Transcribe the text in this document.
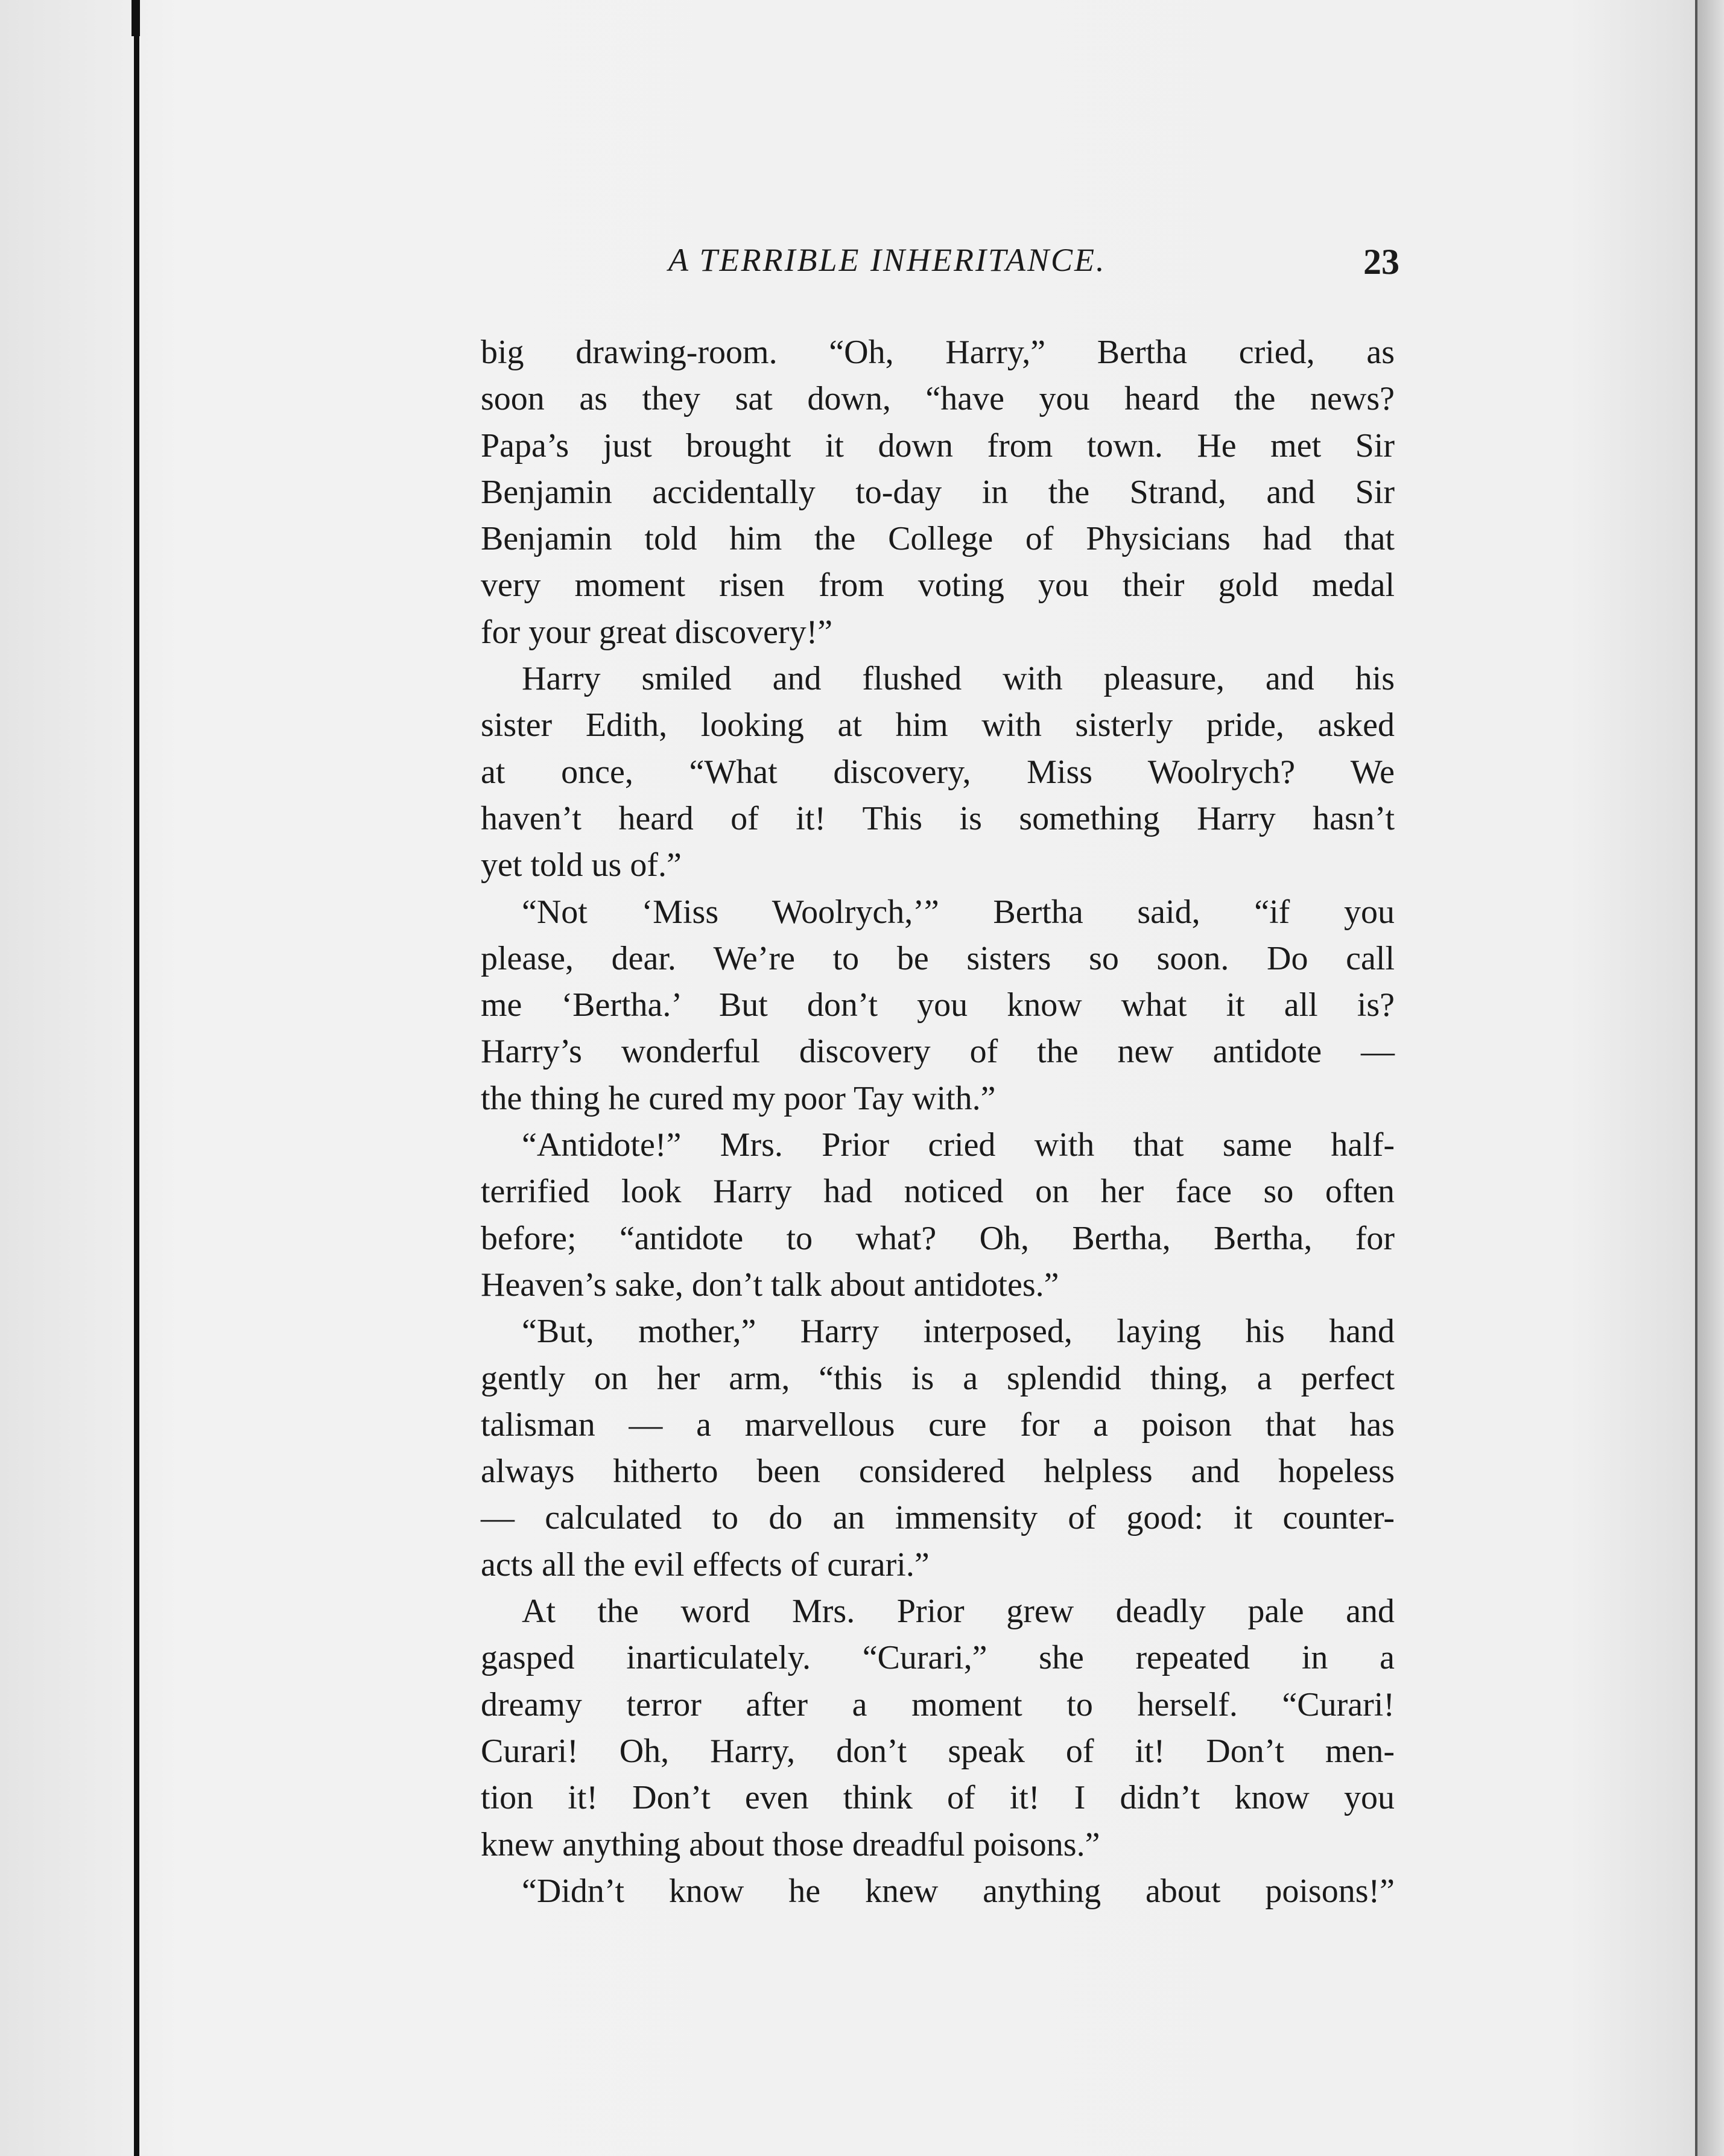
A TERRIBLE INHERITANCE.	23
big drawing-room. “Oh, Harry,” Bertha cried, as
soon as they sat down, “have you heard the news?
Papa’s just brought it down from town. He met Sir
Benjamin accidentally to-day in the Strand, and Sir
Benjamin told him the College of Physicians had that
very moment risen from voting you their gold medal
for your great discovery!”
Harry smiled and flushed with pleasure, and his
sister Edith, looking at him with sisterly pride, asked
at once, “What discovery, Miss Woolrych? We
haven’t heard of it! This is something Harry hasn’t
yet told us of.”
“Not ‘Miss Woolrych,’” Bertha said, “if you
please, dear. We’re to be sisters so soon. Do call
me ‘Bertha.’ But don’t you know what it all is?
Harry’s wonderful discovery of the new antidote —
the thing he cured my poor Tay with.”
“Antidote!” Mrs. Prior cried with that same half-
terrified look Harry had noticed on her face so often
before; “antidote to what? Oh, Bertha, Bertha, for
Heaven’s sake, don’t talk about antidotes.”
“But, mother,” Harry interposed, laying his hand
gently on her arm, “this is a splendid thing, a perfect
talisman — a marvellous cure for a poison that has
always hitherto been considered helpless and hopeless
— calculated to do an immensity of good: it counter-
acts all the evil effects of curari.”
At the word Mrs. Prior grew deadly pale and
gasped inarticulately. “Curari,” she repeated in a
dreamy terror after a moment to herself. “Curari!
Curari! Oh, Harry, don’t speak of it! Don’t men-
tion it! Don’t even think of it! I didn’t know you
knew anything about those dreadful poisons.”
“Didn’t know he knew anything about poisons!”
